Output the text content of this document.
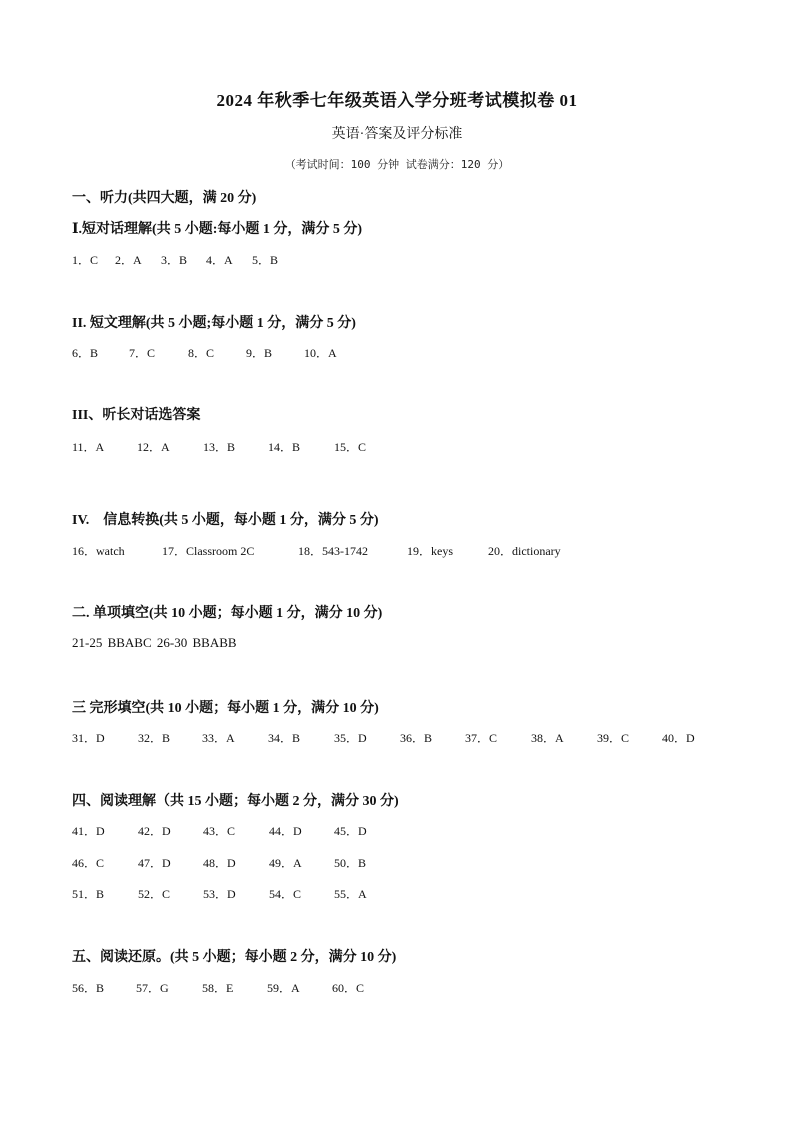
2024 年秋季七年级英语入学分班考试模拟卷 01
英语·答案及评分标准
（考试时间：100 分钟 试卷满分：120 分）
一、听力(共四大题，满 20 分)
Ⅰ.短对话理解(共 5 小题:每小题 1 分，满分 5 分)
1．C 2．A 3．B 4．A 5．B
II. 短文理解(共 5 小题;每小题 1 分，满分 5 分)
6．B	7．C	8．C	9．B	10．A
III、听长对话选答案
11．A	12．A	13．B	14．B	15．C
IV.　信息转换(共 5 小题，每小题 1 分，满分 5 分)
16．watch	17．Classroom 2C	18．543-1742	19．keys	20．dictionary
二. 单项填空(共 10 小题；每小题 1 分，满分 10 分)
21-25 BBABC 26-30 BBABB
三 完形填空(共 10 小题；每小题 1 分，满分 10 分)
31．D	32．B	33．A	34．B	35．D	36．B	37．C	38．A	39．C	40．D
四、阅读理解（共 15 小题；每小题 2 分，满分 30 分)
41．D	42．D	43．C	44．D	45．D
46．C	47．D	48．D	49．A	50．B
51．B	52．C	53．D	54．C	55．A
五、阅读还原。(共 5 小题；每小题 2 分，满分 10 分)
56．B	57．G	58．E	59．A	60．C
